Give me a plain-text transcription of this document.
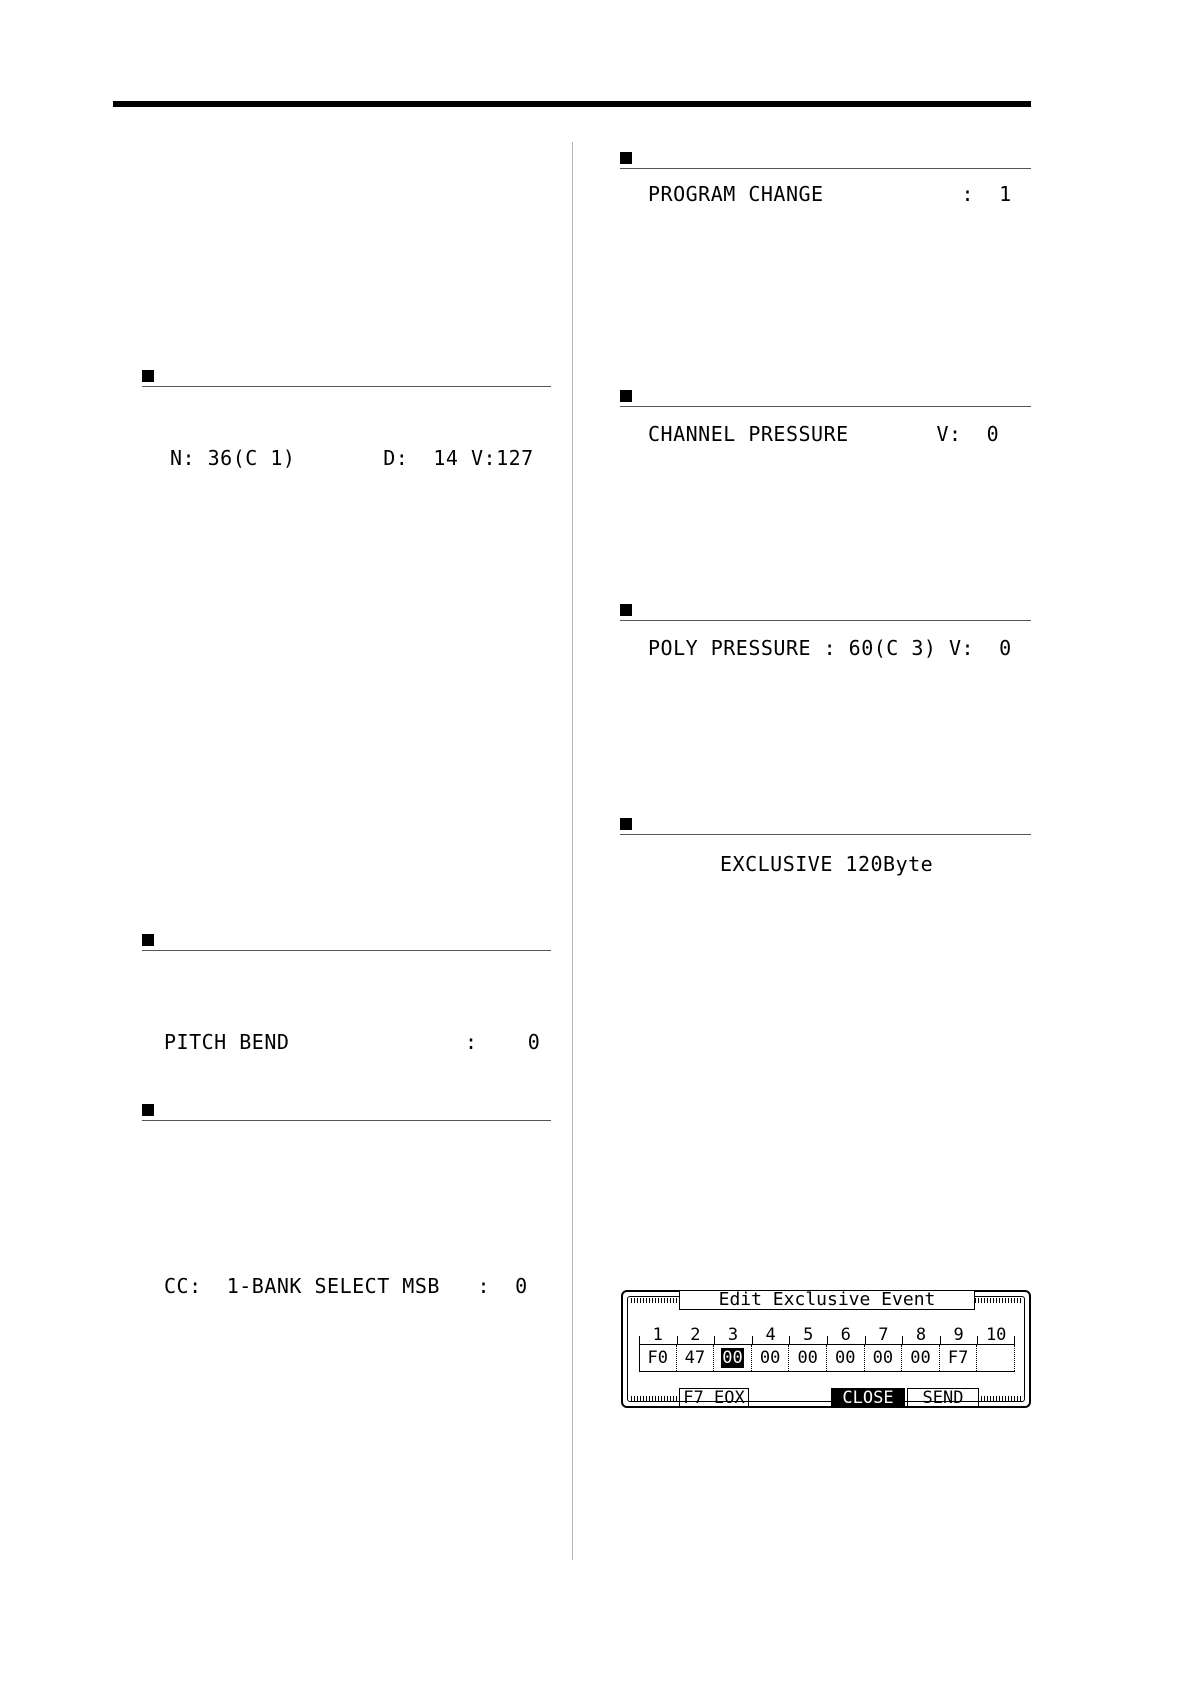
N: 36(C 1)       D:  14 V:127
PITCH BEND              :    0
CC:  1-BANK SELECT MSB   :  0
PROGRAM CHANGE           :  1
CHANNEL PRESSURE       V:  0
POLY PRESSURE : 60(C 3) V:  0
EXCLUSIVE 120Byte
Edit Exclusive Event
1	2	3	4	5	6	7	8	9	10
F0 47	00	00	00	00	00	00	F7
F7 EOX	CLOSE	SEND
